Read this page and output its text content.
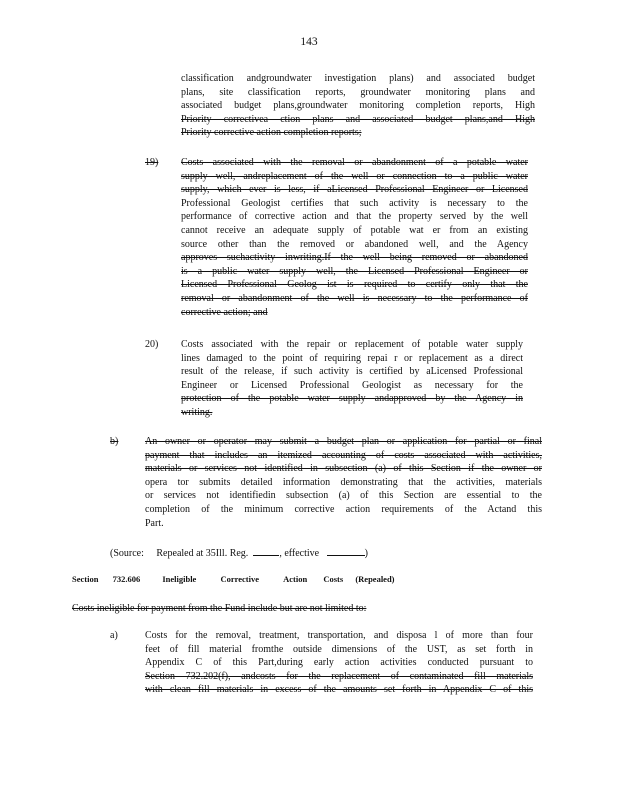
143
classification andgroundwater investigation plans) and associated budget
plans, site classification reports, groundwater monitoring plans and
associated budget plans,groundwater monitoring completion reports, High
Priority correctivea ction plans and associated budget plans,and High
Priority corrective action completion reports;
19) Costs associated with the removal or abandonment of a potable water
supply well, andreplacement of the well or connection to a public water
supply, which ever is less, if aLicensed Professional Engineer or Licensed
Professional Geologist certifies that such activity is necessary to the
performance of corrective action and that the property served by the well
cannot receive an adequate supply of potable wat er from an existing
source other than the removed or abandoned well, and the Agency
approves suchactivity inwriting.If the well being removed or abandoned
is a public water supply well, the Licensed Professional Engineer or
Licensed Professional Geolog ist is required to certify only that the
removal or abandonment of the well is necessary to the performance of
corrective action; and
20) Costs associated with the repair or replacement of potable water supply
lines damaged to the point of requiring repai r or replacement as a direct
result of the release, if such activity is certified by aLicensed Professional
Engineer or Licensed Professional Geologist as necessary for the
protection of the potable water supply andapproved by the Agency in
writing.
b)	An owner or operator may submit a budget plan or application for partial or final
payment that includes an itemized accounting of costs associated with activities,
materials or services not identified in subsection (a) of this Section if the owner or
opera tor submits detailed information demonstrating that the activities, materials
or services not identifiedin subsection (a) of this Section are essential to the
completion of the minimum corrective action requirements of the Actand this
Part.
(Source: Repealed at 35Ill. Reg.	, effective	)
Section 732.606	Ineligible	Corrective	Action Costs (Repealed)
Costs ineligible for payment from the Fund include but are not limited to:
a)	Costs for the removal, treatment, transportation, and disposa l of more than four
feet of fill material fromthe outside dimensions of the UST, as set forth in
Appendix C of this Part,during early action activities conducted pursuant to
Section 732.202(f), andcosts for the replacement of contaminated fill materials
with clean fill materials in excess of the amounts set forth in Appendix C of this
